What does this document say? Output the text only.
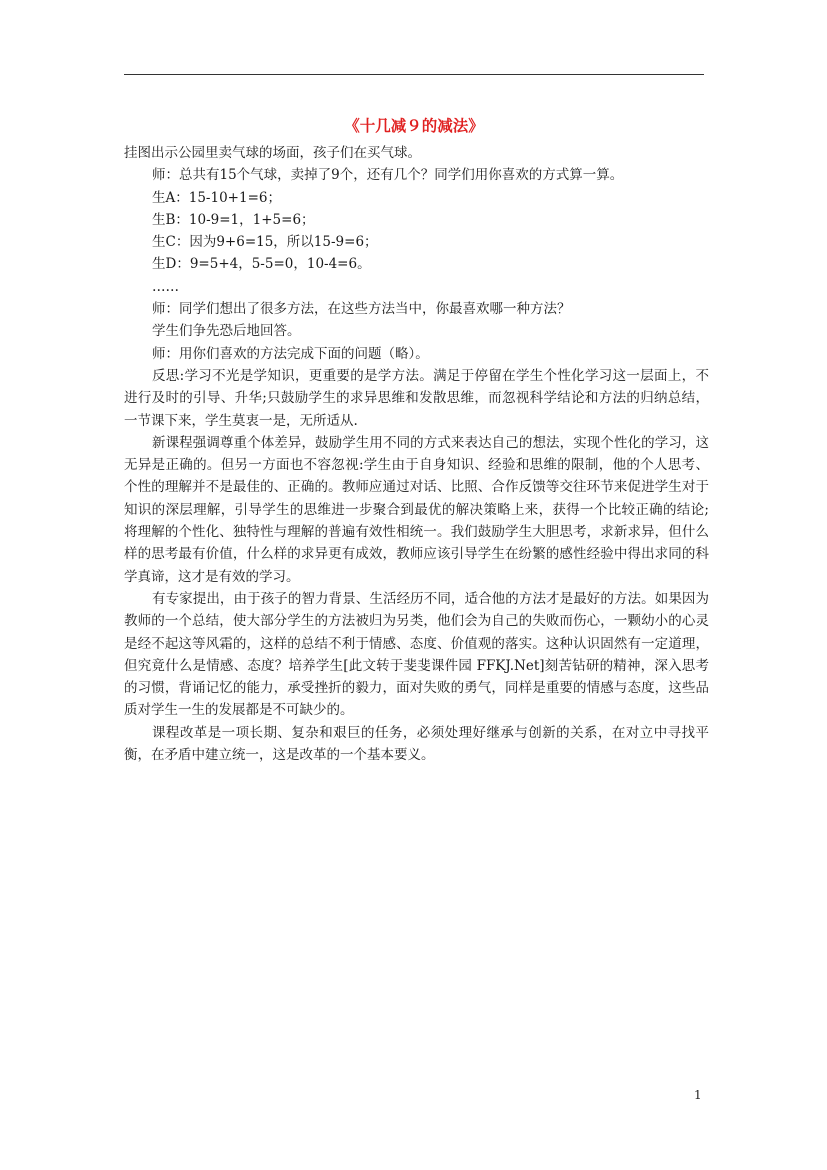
《十几减９的减法》

挂图出示公园里卖气球的场面，孩子们在买气球。

师：总共有15个气球，卖掉了9个，还有几个？同学们用你喜欢的方式算一算。

生A：15-10+1=6；

生B：10-9=1，1+5=6；

生C：因为9+6=15，所以15-9=6；

生D：9=5+4，5-5=0，10-4=6。

……

师：同学们想出了很多方法，在这些方法当中，你最喜欢哪一种方法？

学生们争先恐后地回答。

师：用你们喜欢的方法完成下面的问题（略）。

反思:学习不光是学知识，更重要的是学方法。满足于停留在学生个性化学习这一层面上，不进行及时的引导、升华;只鼓励学生的求异思维和发散思维，而忽视科学结论和方法的归纳总结，一节课下来，学生莫衷一是，无所适从.

新课程强调尊重个体差异，鼓励学生用不同的方式来表达自己的想法，实现个性化的学习，这无异是正确的。但另一方面也不容忽视:学生由于自身知识、经验和思维的限制，他的个人思考、个性的理解并不是最佳的、正确的。教师应通过对话、比照、合作反馈等交往环节来促进学生对于知识的深层理解，引导学生的思维进一步聚合到最优的解决策略上来，获得一个比较正确的结论;将理解的个性化、独特性与理解的普遍有效性相统一。我们鼓励学生大胆思考，求新求异，但什么样的思考最有价值，什么样的求异更有成效，教师应该引导学生在纷繁的感性经验中得出求同的科学真谛，这才是有效的学习。

有专家提出，由于孩子的智力背景、生活经历不同，适合他的方法才是最好的方法。如果因为教师的一个总结，使大部分学生的方法被归为另类，他们会为自己的失败而伤心，一颗幼小的心灵是经不起这等风霜的，这样的总结不利于情感、态度、价值观的落实。这种认识固然有一定道理，但究竟什么是情感、态度？培养学生[此文转于斐斐课件园 FFKJ.Net]刻苦钻研的精神，深入思考的习惯，背诵记忆的能力，承受挫折的毅力，面对失败的勇气，同样是重要的情感与态度，这些品质对学生一生的发展都是不可缺少的。

课程改革是一项长期、复杂和艰巨的任务，必须处理好继承与创新的关系，在对立中寻找平衡，在矛盾中建立统一，这是改革的一个基本要义。

1
